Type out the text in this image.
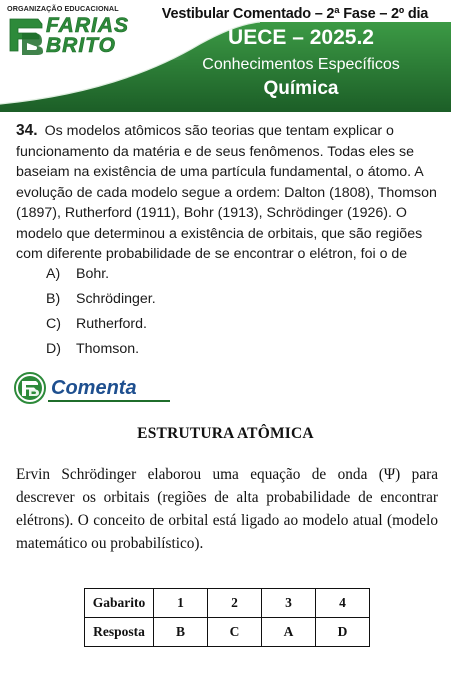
ORGANIZAÇÃO EDUCACIONAL
FARIAS
BRITO
Vestibular Comentado – 2ª Fase – 2º dia
UECE – 2025.2
Conhecimentos Específicos
Química
34. Os modelos atômicos são teorias que tentam explicar o funcionamento da matéria e de seus fenômenos. Todas eles se baseiam na existência de uma partícula fundamental, o átomo. A evolução de cada modelo segue a ordem: Dalton (1808), Thomson (1897), Rutherford (1911), Bohr (1913), Schrödinger (1926). O modelo que determinou a existência de orbitais, que são regiões com diferente probabilidade de se encontrar o elétron, foi o de
A) Bohr.
B) Schrödinger.
C) Rutherford.
D) Thomson.
Comenta
ESTRUTURA ATÔMICA
Ervin Schrödinger elaborou uma equação de onda (Ψ) para descrever os orbitais (regiões de alta probabilidade de encontrar elétrons). O conceito de orbital está ligado ao modelo atual (modelo matemático ou probabilístico).
Gabarito	1	2	3	4
Resposta	B	C	A	D
